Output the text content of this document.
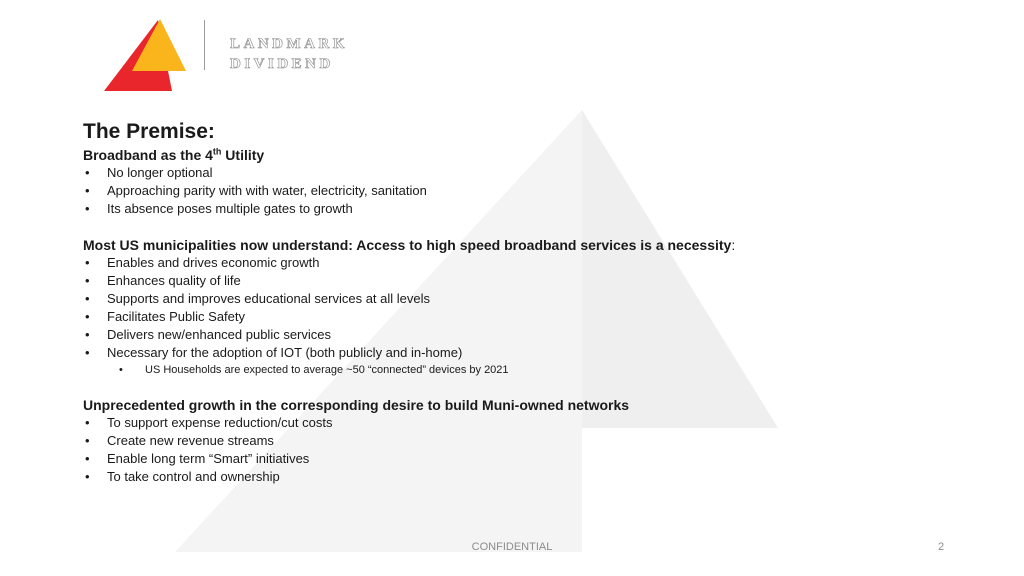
LANDMARK
DIVIDEND
The Premise:

Broadband as the 4th Utility

• No longer optional
• Approaching parity with with water, electricity, sanitation
• Its absence poses multiple gates to growth

Most US municipalities now understand: Access to high speed broadband services is a necessity:

• Enables and drives economic growth
• Enhances quality of life
• Supports and improves educational services at all levels
• Facilitates Public Safety
• Delivers new/enhanced public services
• Necessary for the adoption of IOT (both publicly and in-home)
• US Households are expected to average ~50 “connected” devices by 2021

Unprecedented growth in the corresponding desire to build Muni-owned networks

• To support expense reduction/cut costs
• Create new revenue streams
• Enable long term “Smart” initiatives
• To take control and ownership
CONFIDENTIAL	2
